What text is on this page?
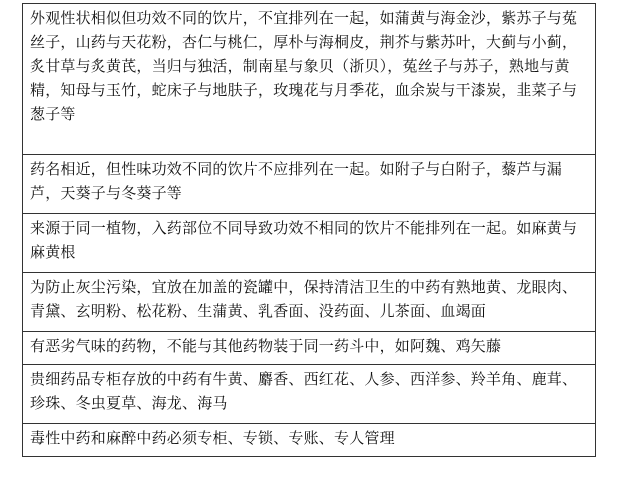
外观性状相似但功效不同的饮片，不宜排列在一起，如蒲黄与海金沙，紫苏子与菟丝子，山药与天花粉，杏仁与桃仁，厚朴与海桐皮，荆芥与紫苏叶，大蓟与小蓟，炙甘草与炙黄芪，当归与独活，制南星与象贝（浙贝），菟丝子与苏子，熟地与黄精，知母与玉竹，蛇床子与地肤子，玫瑰花与月季花，血余炭与干漆炭，韭菜子与葱子等
药名相近，但性味功效不同的饮片不应排列在一起。如附子与白附子，藜芦与漏芦，天葵子与冬葵子等
来源于同一植物，入药部位不同导致功效不相同的饮片不能排列在一起。如麻黄与麻黄根
为防止灰尘污染，宜放在加盖的瓷罐中，保持清洁卫生的中药有熟地黄、龙眼肉、青黛、玄明粉、松花粉、生蒲黄、乳香面、没药面、儿茶面、血竭面
有恶劣气味的药物，不能与其他药物装于同一药斗中，如阿魏、鸡矢藤
贵细药品专柜存放的中药有牛黄、麝香、西红花、人参、西洋参、羚羊角、鹿茸、珍珠、冬虫夏草、海龙、海马
毒性中药和麻醉中药必须专柜、专锁、专账、专人管理
